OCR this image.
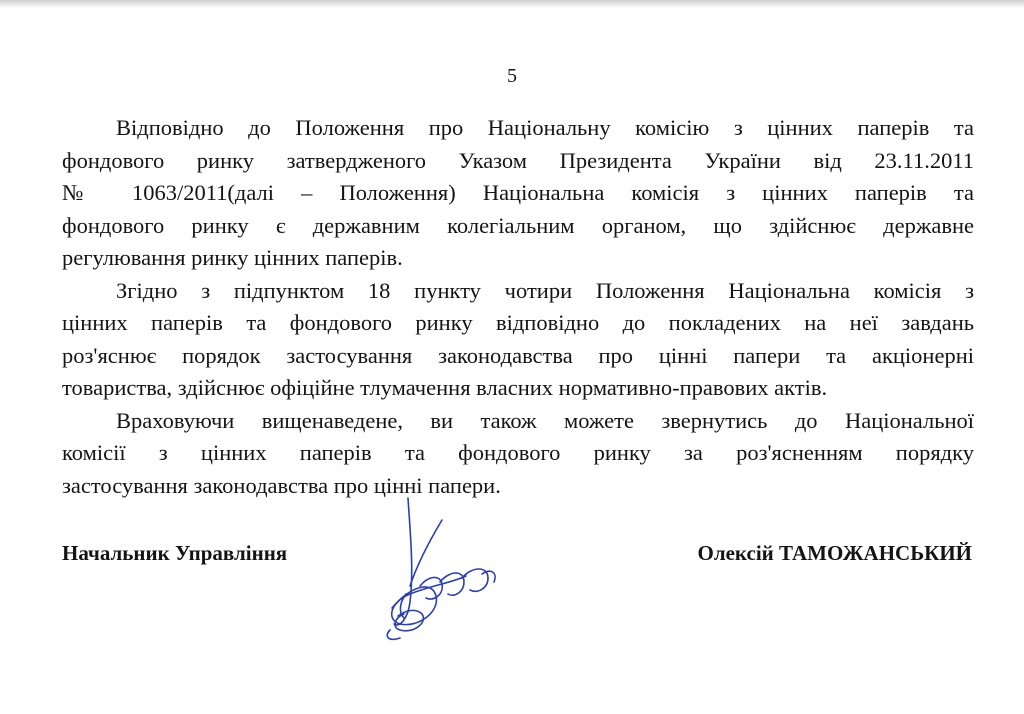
5
Відповідно до Положення про Національну комісію з цінних паперів та
фондового ринку затвердженого Указом Президента України від 23.11.2011
№ 1063/2011(далі – Положення) Національна комісія з цінних паперів та
фондового ринку є державним колегіальним органом, що здійснює державне
регулювання ринку цінних паперів.
Згідно з підпунктом 18 пункту чотири Положення Національна комісія з
цінних паперів та фондового ринку відповідно до покладених на неї завдань
роз'яснює порядок застосування законодавства про цінні папери та акціонерні
товариства, здійснює офіційне тлумачення власних нормативно-правових актів.
Враховуючи вищенаведене, ви також можете звернутись до Національної
комісії з цінних паперів та фондового ринку за роз'ясненням порядку
застосування законодавства про цінні папери.
Начальник Управління	Олексій ТАМОЖАНСЬКИЙ
